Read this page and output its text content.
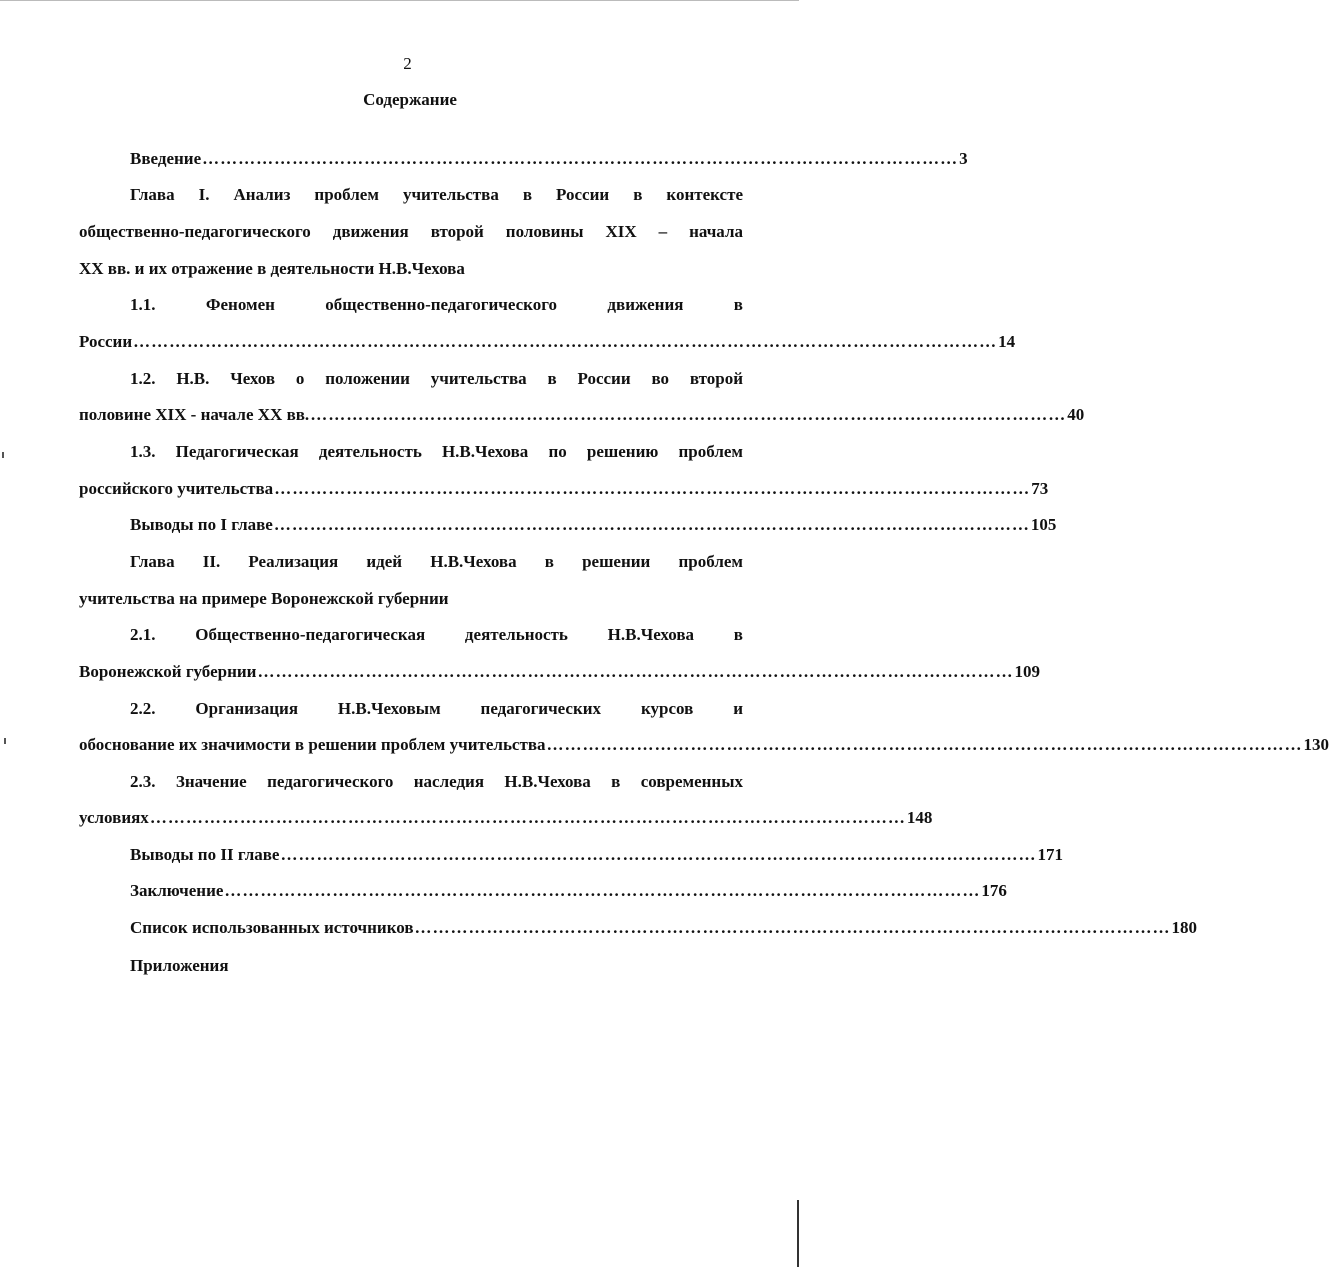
2
Содержание
Введение ……………………………………………………………………………………………………………… 3
Глава I. Анализ проблем учительства в России в контексте
общественно-педагогического движения второй половины XIX – начала
XX вв. и их отражение в деятельности Н.В.Чехова
1.1. Феномен общественно-педагогического движения в
России ……………………………………………………………………………………………………………………………… 14
1.2. Н.В. Чехов о положении учительства в России во второй
половине XIX - начале XX вв. ……………………………………………………………………………………………………………… 40
1.3. Педагогическая деятельность Н.В.Чехова по решению проблем
российского учительства ……………………………………………………………………………………………………………… 73
Выводы по I главе ……………………………………………………………………………………………………………… 105
Глава II. Реализация идей Н.В.Чехова в решении проблем
учительства на примере Воронежской губернии
2.1. Общественно-педагогическая деятельность Н.В.Чехова в
Воронежской губернии ……………………………………………………………………………………………………………… 109
2.2. Организация Н.В.Чеховым педагогических курсов и
обоснование их значимости в решении проблем учительства ……………………………………………………………………………………………………………… 130
2.3. Значение педагогического наследия Н.В.Чехова в современных
условиях ……………………………………………………………………………………………………………… 148
Выводы по II главе ……………………………………………………………………………………………………………… 171
Заключение ……………………………………………………………………………………………………………… 176
Список использованных источников ……………………………………………………………………………………………………………… 180
Приложения
